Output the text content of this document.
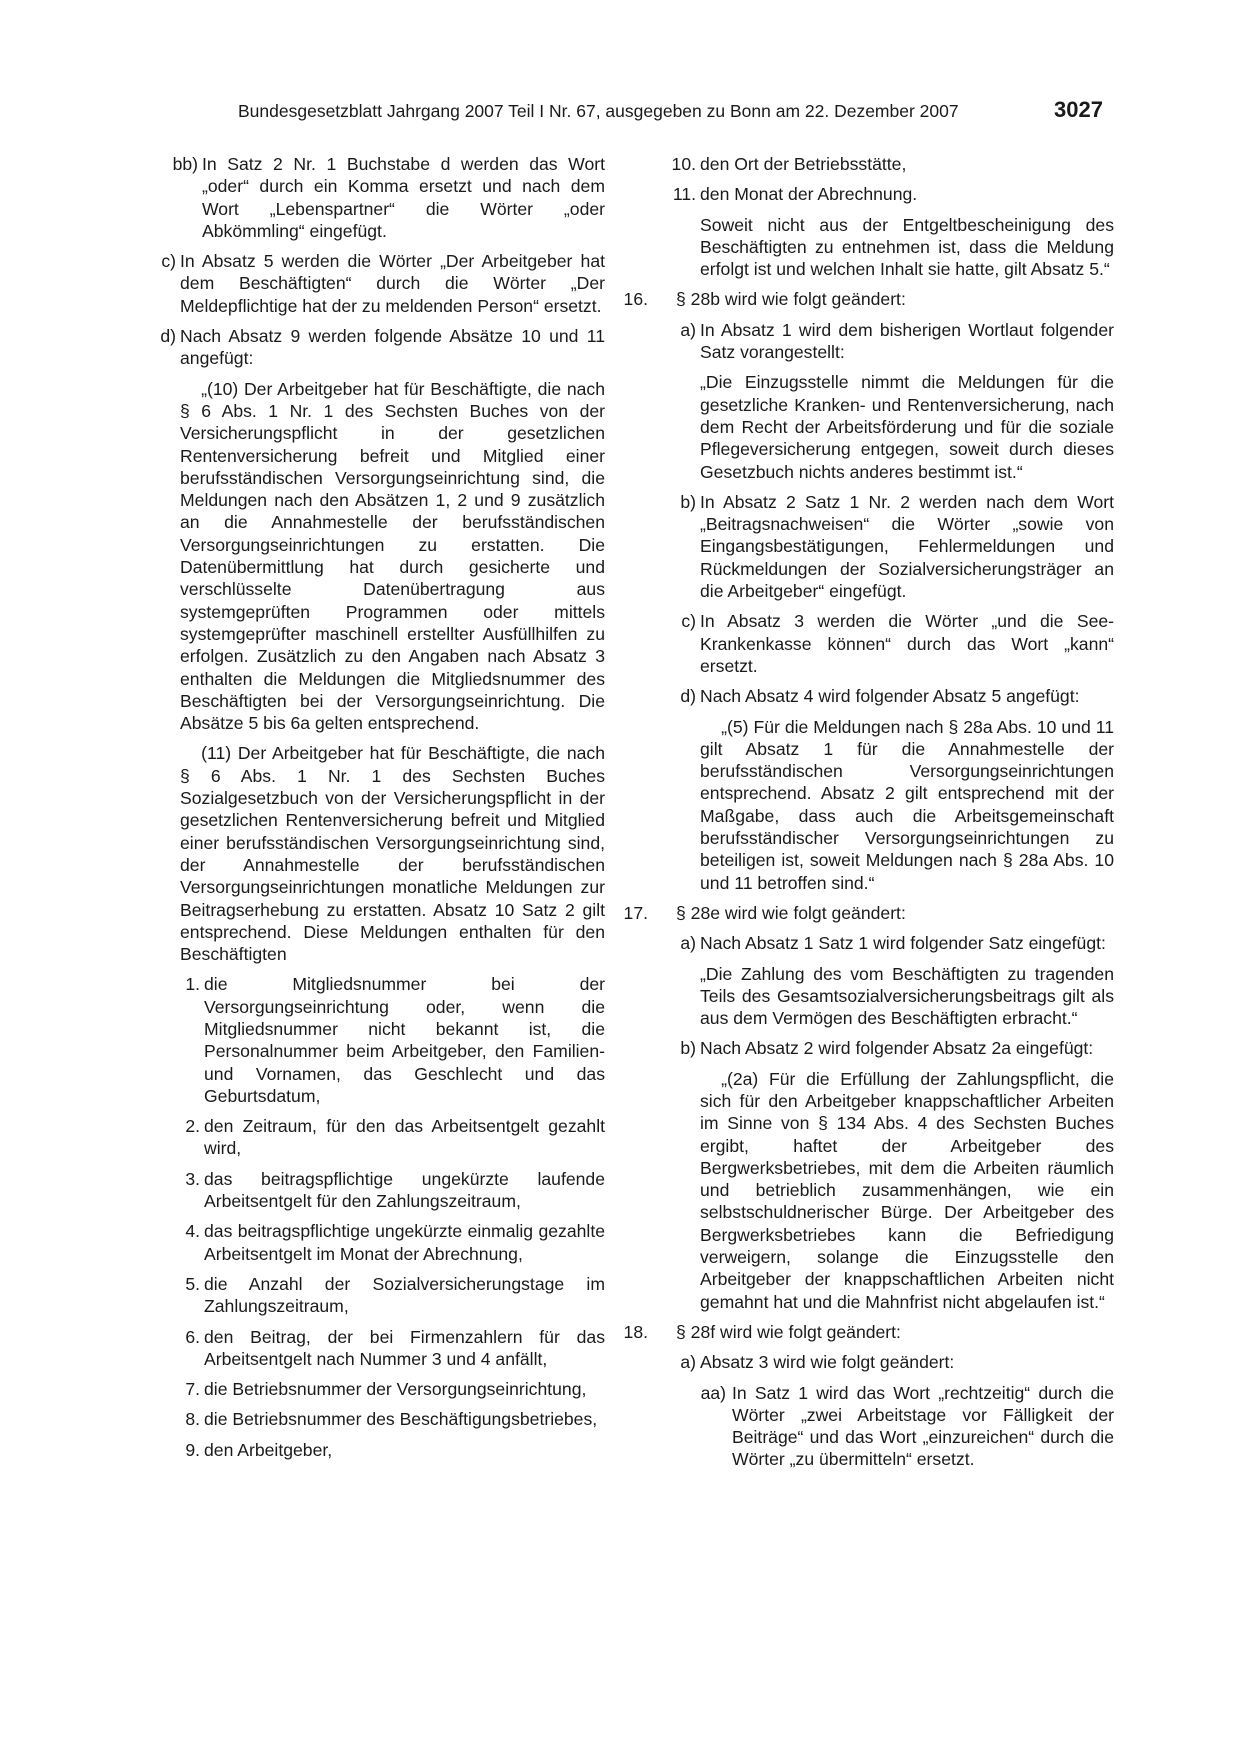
Bundesgesetzblatt Jahrgang 2007 Teil I Nr. 67, ausgegeben zu Bonn am 22. Dezember 2007	3027
bb) In Satz 2 Nr. 1 Buchstabe d werden das Wort „oder“ durch ein Komma ersetzt und nach dem Wort „Lebenspartner“ die Wörter „oder Abkömmling“ eingefügt.
c) In Absatz 5 werden die Wörter „Der Arbeitgeber hat dem Beschäftigten“ durch die Wörter „Der Meldepflichtige hat der zu meldenden Person“ ersetzt.
d) Nach Absatz 9 werden folgende Absätze 10 und 11 angefügt:

„(10) Der Arbeitgeber hat für Beschäftigte, die nach § 6 Abs. 1 Nr. 1 des Sechsten Buches von der Versicherungspflicht in der gesetzlichen Rentenversicherung befreit und Mitglied einer berufsständischen Versorgungseinrichtung sind, die Meldungen nach den Absätzen 1, 2 und 9 zusätzlich an die Annahmestelle der berufsständischen Versorgungseinrichtungen zu erstatten. Die Datenübermittlung hat durch gesicherte und verschlüsselte Datenübertragung aus systemgeprüften Programmen oder mittels systemgeprüfter maschinell erstellter Ausfüllhilfen zu erfolgen. Zusätzlich zu den Angaben nach Absatz 3 enthalten die Meldungen die Mitgliedsnummer des Beschäftigten bei der Versorgungseinrichtung. Die Absätze 5 bis 6a gelten entsprechend.

(11) Der Arbeitgeber hat für Beschäftigte, die nach § 6 Abs. 1 Nr. 1 des Sechsten Buches Sozialgesetzbuch von der Versicherungspflicht in der gesetzlichen Rentenversicherung befreit und Mitglied einer berufsständischen Versorgungseinrichtung sind, der Annahmestelle der berufsständischen Versorgungseinrichtungen monatliche Meldungen zur Beitragserhebung zu erstatten. Absatz 10 Satz 2 gilt entsprechend. Diese Meldungen enthalten für den Beschäftigten

1. die Mitgliedsnummer bei der Versorgungseinrichtung oder, wenn die Mitgliedsnummer nicht bekannt ist, die Personalnummer beim Arbeitgeber, den Familien- und Vornamen, das Geschlecht und das Geburtsdatum,
2. den Zeitraum, für den das Arbeitsentgelt gezahlt wird,
3. das beitragspflichtige ungekürzte laufende Arbeitsentgelt für den Zahlungszeitraum,
4. das beitragspflichtige ungekürzte einmalig gezahlte Arbeitsentgelt im Monat der Abrechnung,
5. die Anzahl der Sozialversicherungstage im Zahlungszeitraum,
6. den Beitrag, der bei Firmenzahlern für das Arbeitsentgelt nach Nummer 3 und 4 anfällt,
7. die Betriebsnummer der Versorgungseinrichtung,
8. die Betriebsnummer des Beschäftigungsbetriebes,
9. den Arbeitgeber,
10. den Ort der Betriebsstätte,
11. den Monat der Abrechnung.

Soweit nicht aus der Entgeltbescheinigung des Beschäftigten zu entnehmen ist, dass die Meldung erfolgt ist und welchen Inhalt sie hatte, gilt Absatz 5.“

16. § 28b wird wie folgt geändert:
a) In Absatz 1 wird dem bisherigen Wortlaut folgender Satz vorangestellt:

„Die Einzugsstelle nimmt die Meldungen für die gesetzliche Kranken- und Rentenversicherung, nach dem Recht der Arbeitsförderung und für die soziale Pflegeversicherung entgegen, soweit durch dieses Gesetzbuch nichts anderes bestimmt ist.“

b) In Absatz 2 Satz 1 Nr. 2 werden nach dem Wort „Beitragsnachweisen“ die Wörter „sowie von Eingangsbestätigungen, Fehlermeldungen und Rückmeldungen der Sozialversicherungsträger an die Arbeitgeber“ eingefügt.
c) In Absatz 3 werden die Wörter „und die See-Krankenkasse können“ durch das Wort „kann“ ersetzt.
d) Nach Absatz 4 wird folgender Absatz 5 angefügt:

„(5) Für die Meldungen nach § 28a Abs. 10 und 11 gilt Absatz 1 für die Annahmestelle der berufsständischen Versorgungseinrichtungen entsprechend. Absatz 2 gilt entsprechend mit der Maßgabe, dass auch die Arbeitsgemeinschaft berufsständischer Versorgungseinrichtungen zu beteiligen ist, soweit Meldungen nach § 28a Abs. 10 und 11 betroffen sind.“

17. § 28e wird wie folgt geändert:
a) Nach Absatz 1 Satz 1 wird folgender Satz eingefügt:

„Die Zahlung des vom Beschäftigten zu tragenden Teils des Gesamtsozialversicherungsbeitrags gilt als aus dem Vermögen des Beschäftigten erbracht.“

b) Nach Absatz 2 wird folgender Absatz 2a eingefügt:

„(2a) Für die Erfüllung der Zahlungspflicht, die sich für den Arbeitgeber knappschaftlicher Arbeiten im Sinne von § 134 Abs. 4 des Sechsten Buches ergibt, haftet der Arbeitgeber des Bergwerksbetriebes, mit dem die Arbeiten räumlich und betrieblich zusammenhängen, wie ein selbstschuldnerischer Bürge. Der Arbeitgeber des Bergwerksbetriebes kann die Befriedigung verweigern, solange die Einzugsstelle den Arbeitgeber der knappschaftlichen Arbeiten nicht gemahnt hat und die Mahnfrist nicht abgelaufen ist.“

18. § 28f wird wie folgt geändert:
a) Absatz 3 wird wie folgt geändert:
aa) In Satz 1 wird das Wort „rechtzeitig“ durch die Wörter „zwei Arbeitstage vor Fälligkeit der Beiträge“ und das Wort „einzureichen“ durch die Wörter „zu übermitteln“ ersetzt.
